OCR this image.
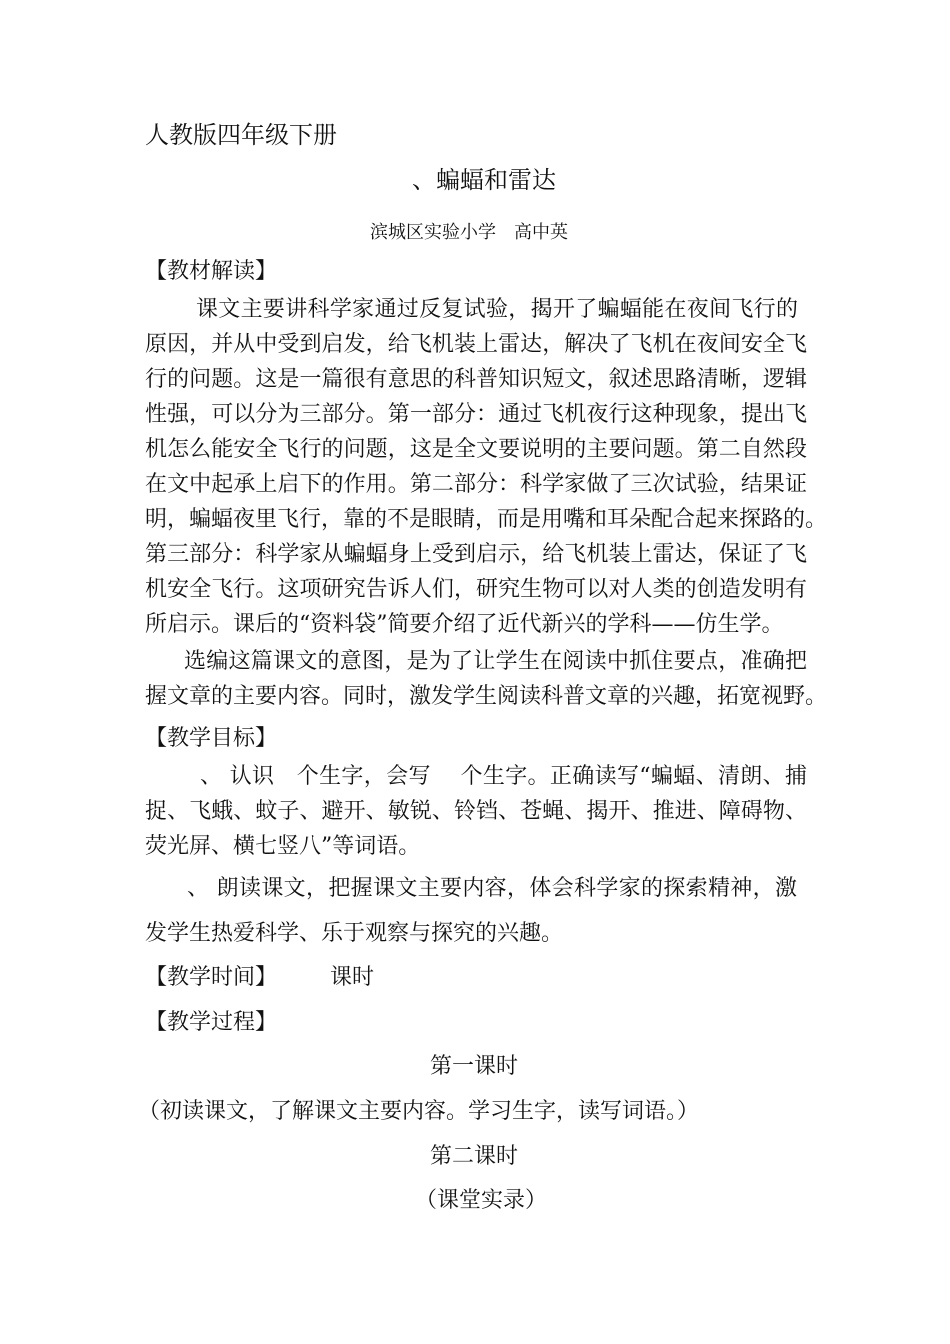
人教版四年级下册
、蝙蝠和雷达
滨城区实验小学　高中英
【教材解读】
课文主要讲科学家通过反复试验，揭开了蝙蝠能在夜间飞行的
原因，并从中受到启发，给飞机装上雷达，解决了飞机在夜间安全飞
行的问题。这是一篇很有意思的科普知识短文，叙述思路清晰，逻辑
性强，可以分为三部分。第一部分：通过飞机夜行这种现象，提出飞
机怎么能安全飞行的问题，这是全文要说明的主要问题。第二自然段
在文中起承上启下的作用。第二部分：科学家做了三次试验，结果证
明，蝙蝠夜里飞行，靠的不是眼睛，而是用嘴和耳朵配合起来探路的。
第三部分：科学家从蝙蝠身上受到启示，给飞机装上雷达，保证了飞
机安全飞行。这项研究告诉人们，研究生物可以对人类的创造发明有
所启示。课后的“资料袋”简要介绍了近代新兴的学科——仿生学。
选编这篇课文的意图，是为了让学生在阅读中抓住要点，准确把
握文章的主要内容。同时，激发学生阅读科普文章的兴趣，拓宽视野。
【教学目标】
、 认识　个生字，会写　 个生字。正确读写“蝙蝠、清朗、捕
捉、飞蛾、蚊子、避开、敏锐、铃铛、苍蝇、揭开、推进、障碍物、
荧光屏、横七竖八”等词语。
、 朗读课文，把握课文主要内容，体会科学家的探索精神，激
发学生热爱科学、乐于观察与探究的兴趣。
【教学时间】 课时
【教学过程】
第一课时
（初读课文，了解课文主要内容。学习生字，读写词语。）
第二课时
（课堂实录）
